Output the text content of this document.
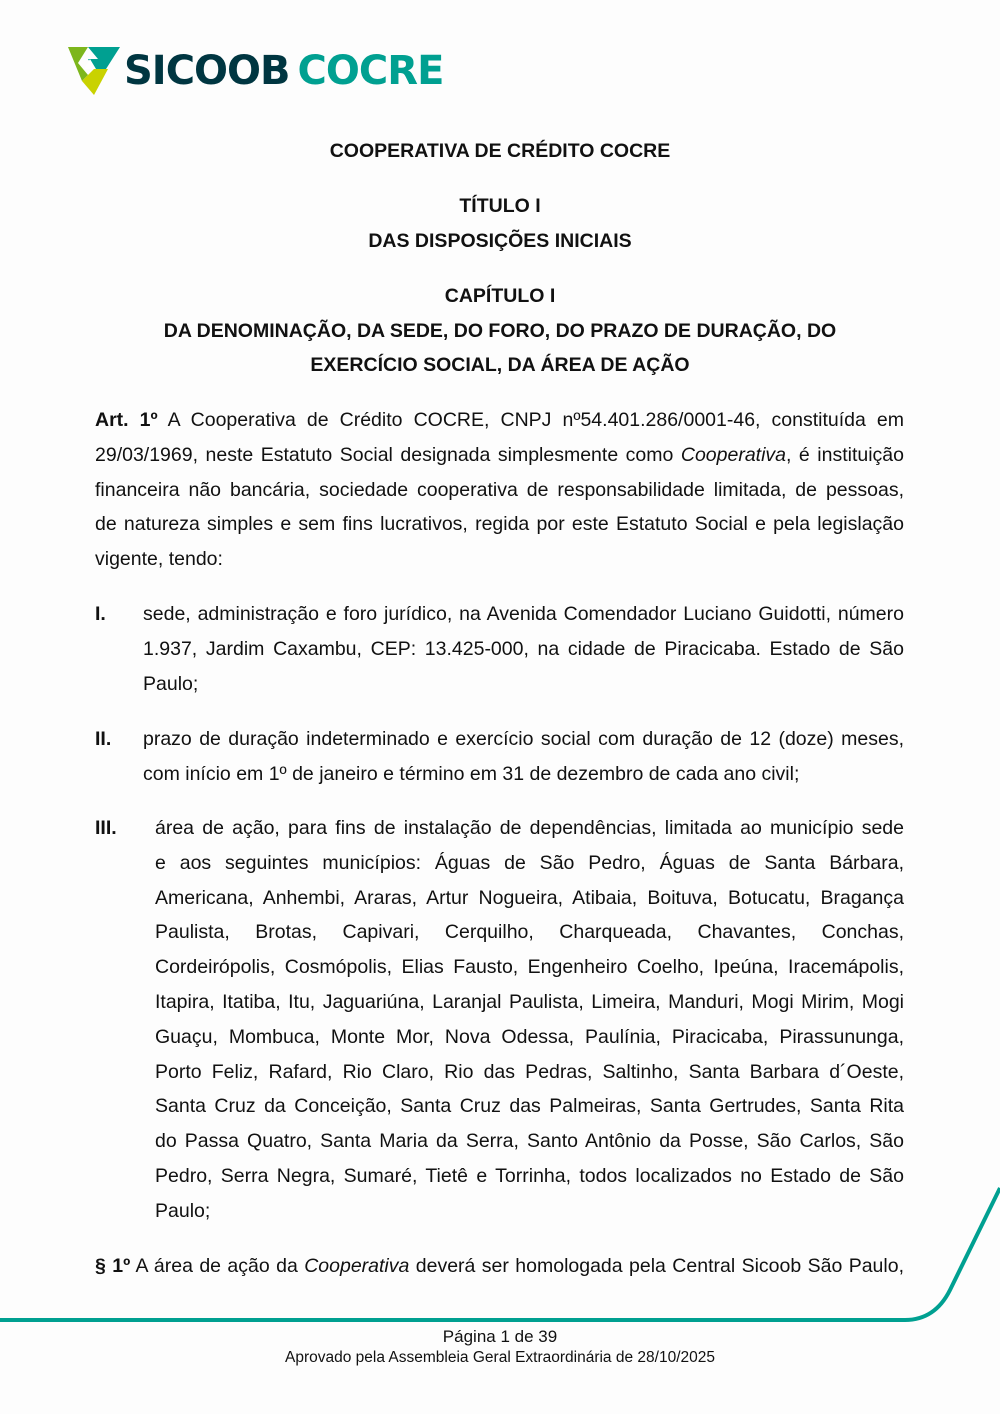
SICOOB COCRE
COOPERATIVA DE CRÉDITO COCRE
TÍTULO I
DAS DISPOSIÇÕES INICIAIS
CAPÍTULO I
DA DENOMINAÇÃO, DA SEDE, DO FORO, DO PRAZO DE DURAÇÃO, DO
EXERCÍCIO SOCIAL, DA ÁREA DE AÇÃO
Art. 1º A Cooperativa de Crédito COCRE, CNPJ nº54.401.286/0001-46, constituída em
29/03/1969, neste Estatuto Social designada simplesmente como Cooperativa, é instituição
financeira não bancária, sociedade cooperativa de responsabilidade limitada, de pessoas,
de natureza simples e sem fins lucrativos, regida por este Estatuto Social e pela legislação
vigente, tendo:
I. sede, administração e foro jurídico, na Avenida Comendador Luciano Guidotti, número
1.937, Jardim Caxambu, CEP: 13.425-000, na cidade de Piracicaba. Estado de São
Paulo;
II. prazo de duração indeterminado e exercício social com duração de 12 (doze) meses,
com início em 1º de janeiro e término em 31 de dezembro de cada ano civil;
III. área de ação, para fins de instalação de dependências, limitada ao município sede
e aos seguintes municípios: Águas de São Pedro, Águas de Santa Bárbara,
Americana, Anhembi, Araras, Artur Nogueira, Atibaia, Boituva, Botucatu, Bragança
Paulista, Brotas, Capivari, Cerquilho, Charqueada, Chavantes, Conchas,
Cordeirópolis, Cosmópolis, Elias Fausto, Engenheiro Coelho, Ipeúna, Iracemápolis,
Itapira, Itatiba, Itu, Jaguariúna, Laranjal Paulista, Limeira, Manduri, Mogi Mirim, Mogi
Guaçu, Mombuca, Monte Mor, Nova Odessa, Paulínia, Piracicaba, Pirassununga,
Porto Feliz, Rafard, Rio Claro, Rio das Pedras, Saltinho, Santa Barbara d´Oeste,
Santa Cruz da Conceição, Santa Cruz das Palmeiras, Santa Gertrudes, Santa Rita
do Passa Quatro, Santa Maria da Serra, Santo Antônio da Posse, São Carlos, São
Pedro, Serra Negra, Sumaré, Tietê e Torrinha, todos localizados no Estado de São
Paulo;
§ 1º A área de ação da Cooperativa deverá ser homologada pela Central Sicoob São Paulo,
Página 1 de 39
Aprovado pela Assembleia Geral Extraordinária de 28/10/2025
